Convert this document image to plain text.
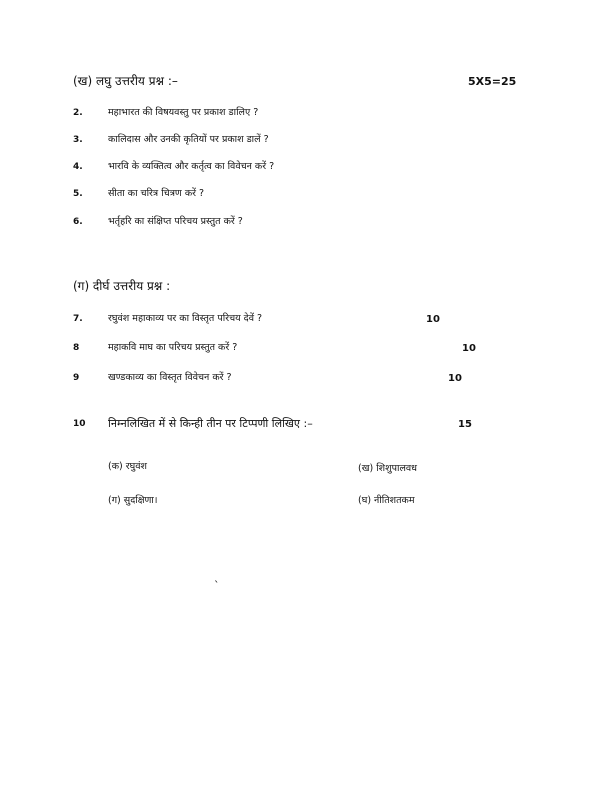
(ख) लघु उत्तरीय प्रश्न :–	5X5=25
2.	महाभारत की विषयवस्तु पर प्रकाश डालिए ?
3.	कालिदास और उनकी कृतियों पर प्रकाश डालें ?
4.	भारवि के व्यक्तित्व और कर्तृत्व का विवेचन करें ?
5.	सीता का चरित्र चित्रण करें ?
6.	भर्तृहरि का संक्षिप्त परिचय प्रस्तुत करें ?
(ग) दीर्घ उत्तरीय प्रश्न :
7.	रघुवंश महाकाव्य पर का विस्तृत परिचय देवें ?	10
8	महाकवि माघ का परिचय प्रस्तुत करें ?	10
9	खण्डकाव्य का विस्तृत विवेचन करें ?	10
10 निम्नलिखित में से किन्ही तीन पर टिप्पणी लिखिए :–	15
(क) रघुवंश	(ख) शिशुपालवध
(ग) सुदक्षिणा।	(घ) नीतिशतकम
`
